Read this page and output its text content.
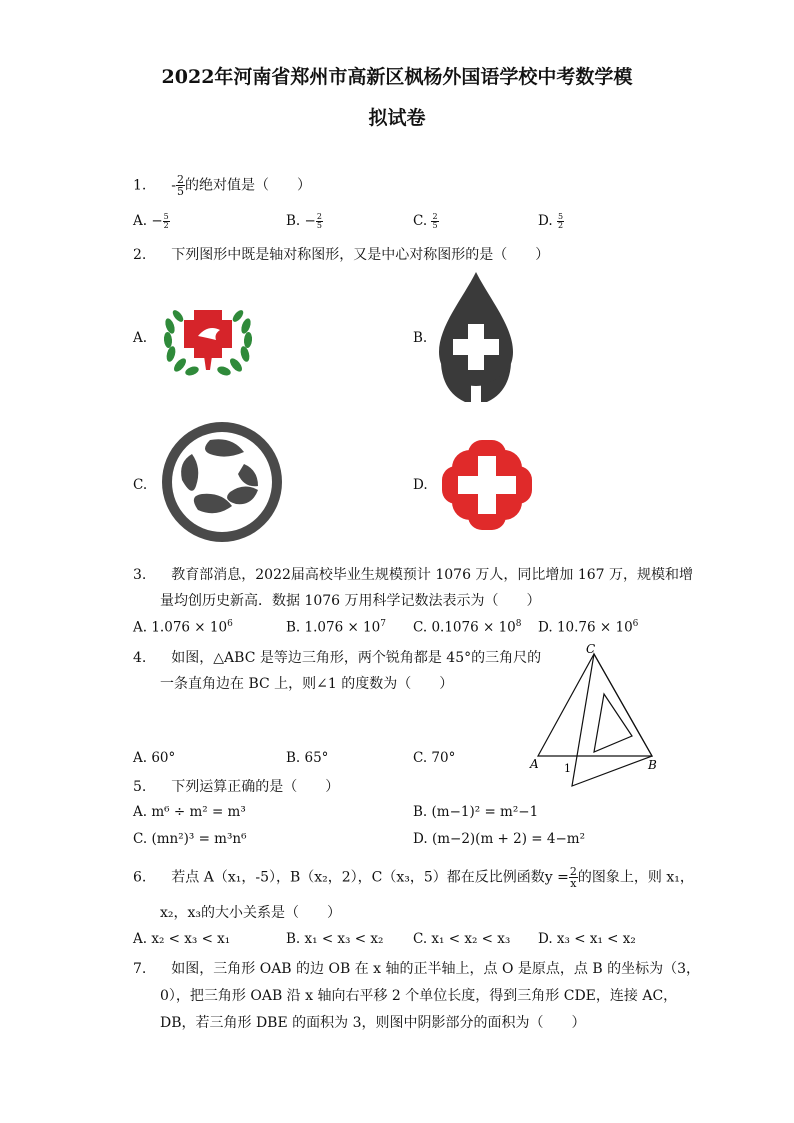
2022年河南省郑州市高新区枫杨外国语学校中考数学模
拟试卷
1. - $\frac{2}{5}$ 的绝对值是（　　）
A. − $\frac{5}{2}$	B. − $\frac{2}{5}$	C. $\frac{2}{5}$	D. $\frac{5}{2}$
2. 下列图形中既是轴对称图形，又是中心对称图形的是（　　）
A.	B.
C.	D.
3. 教育部消息，2022届高校毕业生规模预计 1076 万人，同比增加 167 万，规模和增
量均创历史新高．数据 1076 万用科学记数法表示为（　　）
A. $1.076 \times 10^6$	B. $1.076 \times 10^7$ C. $0.1076 \times 10^8$ D. $10.76 \times 10^6$
4. 如图，△ABC 是等边三角形，两个锐角都是 45°的三角尺的
一条直角边在 BC 上，则∠1 的度数为（　　）
A. 60°	B. 65°	C. 70°	A	B
C
1
5. 下列运算正确的是（　　）
A. m⁶ ÷ m² = m³	B. (m−1)² = m²−1
C. (mn²)³ = m³n⁶	D. (m−2)(m + 2) = 4−m²
6. 若点 A（x₁，-5），B（x₂，2），C（x₃，5）都在反比例函数$y = \frac{2}{x}$ 的图象上，则 x₁，
x₂，x₃的大小关系是（　　）
A. x₂ < x₃ < x₁	B. x₁ < x₃ < x₂ C. x₁ < x₂ < x₃ D. x₃ < x₁ < x₂
7. 如图，三角形 OAB 的边 OB 在 x 轴的正半轴上，点 O 是原点，点 B 的坐标为（3，
0），把三角形 OAB 沿 x 轴向右平移 2 个单位长度，得到三角形 CDE，连接 AC，
DB，若三角形 DBE 的面积为 3，则图中阴影部分的面积为（　　）
